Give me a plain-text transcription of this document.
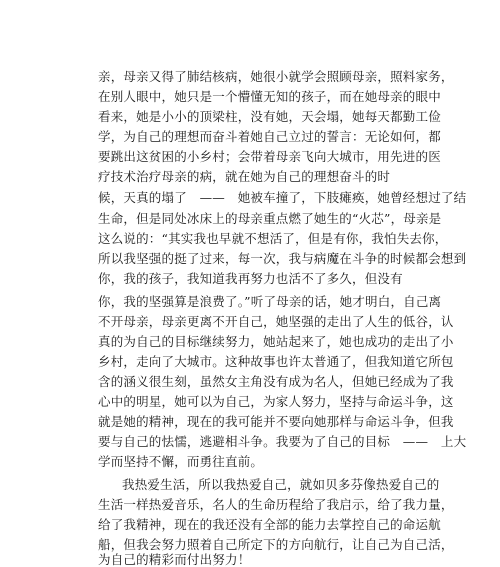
亲，母亲又得了肺结核病，她很小就学会照顾母亲，照料家务，
在别人眼中，她只是一个懵懂无知的孩子，而在她母亲的眼中
看来，她是小小的顶梁柱，没有她，天会塌，她每天都勤工俭
学，为自己的理想而奋斗着她自己立过的誓言：无论如何，都
要跳出这贫困的小乡村；会带着母亲飞向大城市，用先进的医
疗技术治疗母亲的病，就在她为自己的理想奋斗的时
候，天真的塌了　——　她被车撞了，下肢瘫痪，她曾经想过了结
生命，但是同处冰床上的母亲重点燃了她生的“火芯”，母亲是
这么说的：“其实我也早就不想活了，但是有你，我怕失去你，
所以我坚强的挺了过来，每一次，我与病魔在斗争的时候都会想到
你，我的孩子，我知道我再努力也活不了多久，但没有
你，我的坚强算是浪费了。”听了母亲的话，她才明白，自己离
不开母亲，母亲更离不开自己，她坚强的走出了人生的低谷，认
真的为自己的目标继续努力，她站起来了，她也成功的走出了小
乡村，走向了大城市。这种故事也许太普通了，但我知道它所包
含的涵义很生刻，虽然女主角没有成为名人，但她已经成为了我
心中的明星，她可以为自己，为家人努力，坚持与命运斗争，这
就是她的精神，现在的我可能并不要向她那样与命运斗争，但我
要与自己的怯懦，逃避相斗争。我要为了自己的目标　——　上大
学而坚持不懈，而勇往直前。
我热爱生活，所以我热爱自己，就如贝多芬像热爱自己的
生活一样热爱音乐，名人的生命历程给了我启示，给了我力量，
给了我精神，现在的我还没有全部的能力去掌控自己的命运航
船，但我会努力照着自己所定下的方向航行，让自己为自己活，
为自己的精彩而付出努力！
